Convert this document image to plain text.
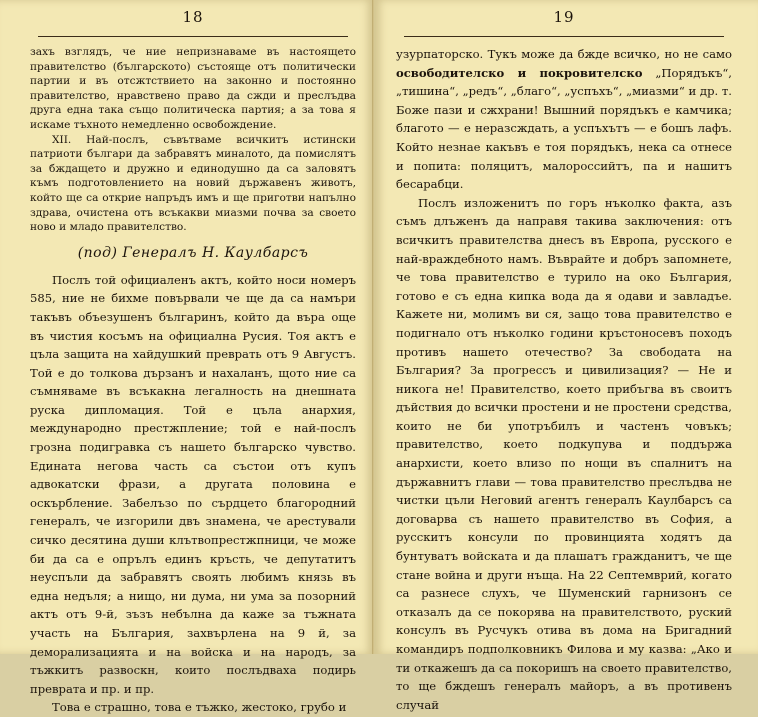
18

захъ взглядъ, че ние непризнаваме въ настоящето правителство (българското) състояще отъ политически партии и въ отсжтствието на законно и постоянно правителство, нравствено право да сжди и преслъдва друга една така също политическа партия; а за това я искаме тъхното немедленно освобождение.

XII. Най-послъ, съвътваме всичкитъ истински патриоти българи да забравятъ миналото, да помислятъ за бждащето и дружно и единодушно да са заловятъ къмъ подготовлението на новий държавенъ животъ, който ще са открие напръдъ имъ и ще приготви напълно здрава, очистена отъ всъкакви миазми почва за своето ново и младо правителство.

(под) Генералъ Н. Каулбарсъ

Послъ той официаленъ актъ, който носи номеръ 585, ние не бихме повървали че ще да са намъри такъвъ объезушенъ българинъ, който да въра още въ чистия косъмъ на официална Русия. Тоя актъ е цъла защита на хайдушкий преврать отъ 9 Августъ. Той е до толкова дързанъ и нахаланъ, щото ние са съмняваме въ всъкакна легалность на днешната руска дипломация. Той е цъла анархия, международно престжпление; той е най-послъ грозна подигравка съ нашето българско чувство. Едината негова часть са състои отъ купъ адвокатски фрази, а другата половина е оскърбление. Забелъзо по сърдцето благородний генералъ, че изгорили двъ знамена, че арестували сичко десятина души клътвопрестжпници, че може би да са е опрълъ единъ кръсть, че депутатитъ неуспъли да забравятъ своять любимъ князь въ една недъля; а нищо, ни дума, ни ума за позорний актъ отъ 9-й, зъзъ небълна да каже за тъжната участь на България, захвърлена на 9 й, за деморализацията и на войска и на народъ, за тъжкитъ развоскн, които послъдваха подирь преврата и пр. и пр.

Това е страшно, това е тъжко, жестоко, грубо и

19

узурпаторско. Тукъ може да бжде всичко, но не само освободителско и покровителско „Порядъкъ“, „тишина“, „редъ“, „благо“, „успъхъ“, „миазми“ и др. т. Боже пази и сжхрани! Вышний порядъкъ е камчика; благото — е неразсждать, а успъхътъ — е бошъ лафъ. Който незнае какъвъ е тоя порядъкъ, нека са отнесе и попита: поляцитъ, малороссийтъ, па и нашитъ бесарабци.

Послъ изложенитъ по горъ нъколко факта, азъ съмъ длъженъ да направя такива заключения: отъ всичкитъ правителства днесъ въ Европа, русского е най-враждебното намъ. Въврайте и добръ запомнете, че това правителство е турило на око България, готово е съ една кипка вода да я одави и завладъе. Кажете ни, молимъ ви ся, защо това правителство е подигнало отъ нъколко години кръстоносевъ походъ противъ нашето отечество? За свободата на България? За прогрессъ и цивилизация? — Не и никога не! Правителство, което прибъгва въ своитъ дъйствия до всички простени и не простени средства, които не би употръбилъ и частенъ човъкъ; правителство, което подкупува и поддържа анархисти, което влизо по нощи въ спалнитъ на държавнитъ глави — това правителство преслъдва не чистки цъли Неговий агентъ генералъ Каулбарсъ са договарва съ нашето правителство въ София, а русскитъ консули по провинцията ходятъ да бунтуватъ войската и да плашатъ гражданитъ, че ще стане война и други нъща. На 22 Септемврий, когато са разнесе слухъ, че Шуменский гарнизонъ се отказалъ да се покорява на правителството, руский консулъ въ Русчукъ отива въ дома на Бригадний командиръ подполковникъ Филова и му казва: „Ако и ти откажешъ да са покоришъ на своето правителство, то ще бждешъ генералъ майоръ, а въ противенъ случай
